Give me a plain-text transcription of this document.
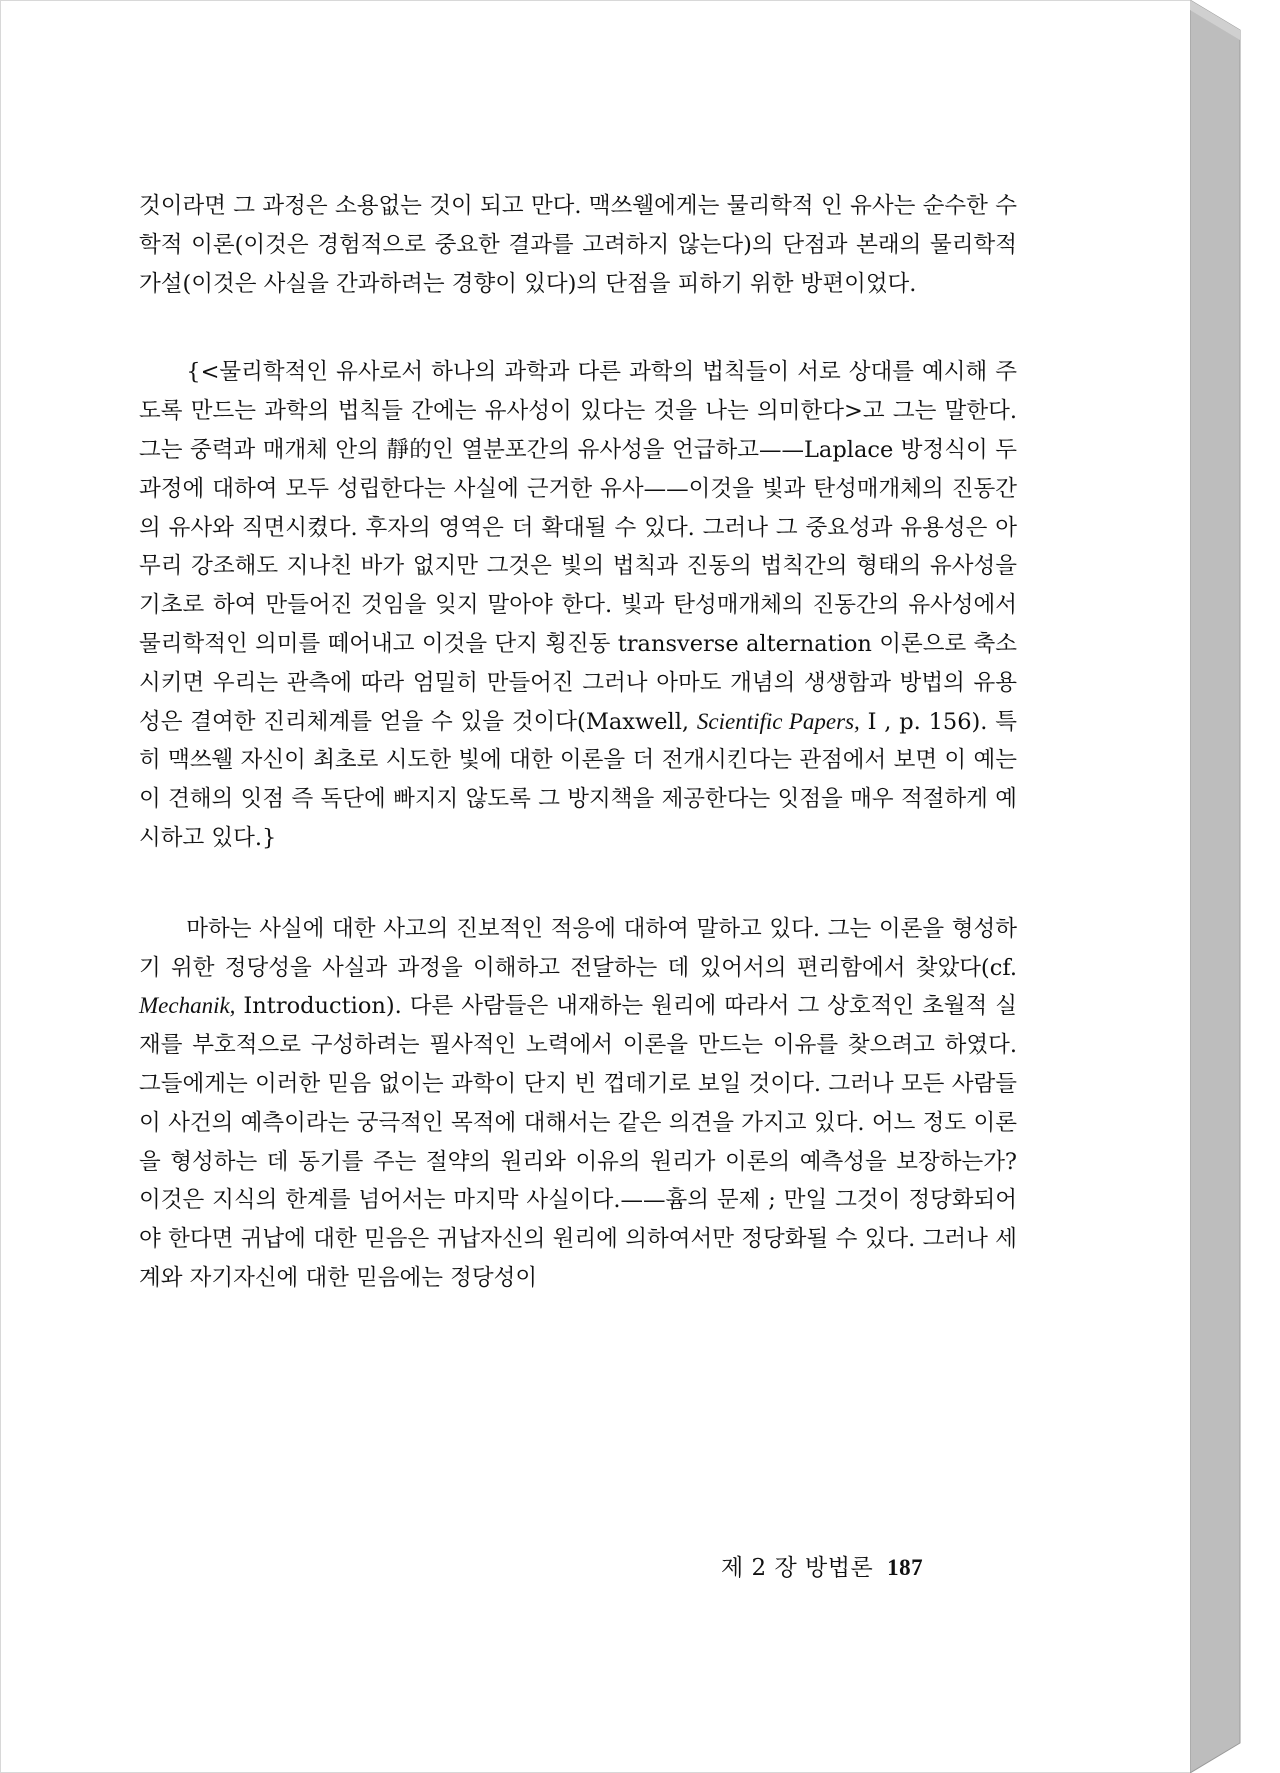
것이라면 그 과정은 소용없는 것이 되고 만다. 맥쓰웰에게는 물리학적 인 유사는 순수한 수학적 이론(이것은 경험적으로 중요한 결과를 고려하지 않는다)의 단점과 본래의 물리학적 가설(이것은 사실을 간과하려는 경향이 있다)의 단점을 피하기 위한 방편이었다.

{<물리학적인 유사로서 하나의 과학과 다른 과학의 법칙들이 서로 상대를 예시해 주도록 만드는 과학의 법칙들 간에는 유사성이 있다는 것을 나는 의미한다>고 그는 말한다. 그는 중력과 매개체 안의 靜的인 열분포간의 유사성을 언급하고——Laplace 방정식이 두 과정에 대하여 모두 성립한다는 사실에 근거한 유사——이것을 빛과 탄성매개체의 진동간의 유사와 직면시켰다. 후자의 영역은 더 확대될 수 있다. 그러나 그 중요성과 유용성은 아무리 강조해도 지나친 바가 없지만 그것은 빛의 법칙과 진동의 법칙간의 형태의 유사성을 기초로 하여 만들어진 것임을 잊지 말아야 한다. 빛과 탄성매개체의 진동간의 유사성에서 물리학적인 의미를 떼어내고 이것을 단지 횡진동 transverse alternation 이론으로 축소시키면 우리는 관측에 따라 엄밀히 만들어진 그러나 아마도 개념의 생생함과 방법의 유용성은 결여한 진리체계를 얻을 수 있을 것이다(Maxwell, Scientific Papers, I , p. 156). 특히 맥쓰웰 자신이 최초로 시도한 빛에 대한 이론을 더 전개시킨다는 관점에서 보면 이 예는 이 견해의 잇점 즉 독단에 빠지지 않도록 그 방지책을 제공한다는 잇점을 매우 적절하게 예시하고 있다.}

마하는 사실에 대한 사고의 진보적인 적응에 대하여 말하고 있다. 그는 이론을 형성하기 위한 정당성을 사실과 과정을 이해하고 전달하는 데 있어서의 편리함에서 찾았다(cf. Mechanik, Introduction). 다른 사람들은 내재하는 원리에 따라서 그 상호적인 초월적 실재를 부호적으로 구성하려는 필사적인 노력에서 이론을 만드는 이유를 찾으려고 하였다. 그들에게는 이러한 믿음 없이는 과학이 단지 빈 껍데기로 보일 것이다. 그러나 모든 사람들이 사건의 예측이라는 궁극적인 목적에 대해서는 같은 의견을 가지고 있다. 어느 정도 이론을 형성하는 데 동기를 주는 절약의 원리와 이유의 원리가 이론의 예측성을 보장하는가? 이것은 지식의 한계를 넘어서는 마지막 사실이다.——흄의 문제 ; 만일 그것이 정당화되어야 한다면 귀납에 대한 믿음은 귀납자신의 원리에 의하여서만 정당화될 수 있다. 그러나 세계와 자기자신에 대한 믿음에는 정당성이

제 2 장 방법론 187
